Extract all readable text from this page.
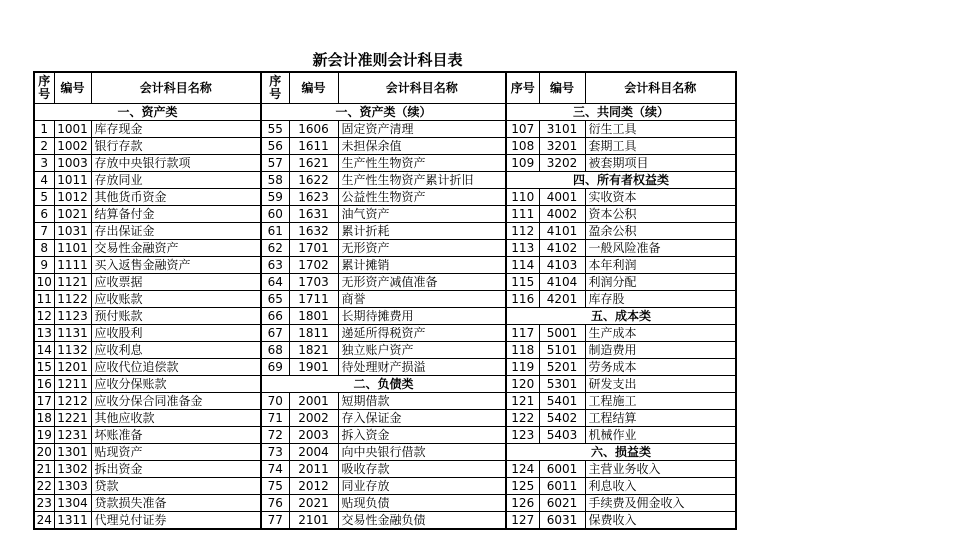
新会计准则会计科目表
序号	编号	会计科目名称	序号	编号	会计科目名称	序号	编号	会计科目名称
一、资产类			一、资产类（续）			三、共同类（续）		
1	1001	库存现金	55	1606	固定资产清理	107	3101	衍生工具
2	1002	银行存款	56	1611	未担保余值	108	3201	套期工具
3	1003	存放中央银行款项	57	1621	生产性生物资产	109	3202	被套期项目
4	1011	存放同业	58	1622	生产性生物资产累计折旧	四、所有者权益类		
5	1012	其他货币资金	59	1623	公益性生物资产	110	4001	实收资本
6	1021	结算备付金	60	1631	油气资产	111	4002	资本公积
7	1031	存出保证金	61	1632	累计折耗	112	4101	盈余公积
8	1101	交易性金融资产	62	1701	无形资产	113	4102	一般风险准备
9	1111	买入返售金融资产	63	1702	累计摊销	114	4103	本年利润
10	1121	应收票据	64	1703	无形资产减值准备	115	4104	利润分配
11	1122	应收账款	65	1711	商誉	116	4201	库存股
12	1123	预付账款	66	1801	长期待摊费用	五、成本类		
13	1131	应收股利	67	1811	递延所得税资产	117	5001	生产成本
14	1132	应收利息	68	1821	独立账户资产	118	5101	制造费用
15	1201	应收代位追偿款	69	1901	待处理财产损溢	119	5201	劳务成本
16	1211	应收分保账款	二、负债类			120	5301	研发支出
17	1212	应收分保合同准备金	70	2001	短期借款	121	5401	工程施工
18	1221	其他应收款	71	2002	存入保证金	122	5402	工程结算
19	1231	坏账准备	72	2003	拆入资金	123	5403	机械作业
20	1301	贴现资产	73	2004	向中央银行借款	六、损益类		
21	1302	拆出资金	74	2011	吸收存款	124	6001	主营业务收入
22	1303	贷款	75	2012	同业存放	125	6011	利息收入
23	1304	贷款损失准备	76	2021	贴现负债	126	6021	手续费及佣金收入
24	1311	代理兑付证券	77	2101	交易性金融负债	127	6031	保费收入
